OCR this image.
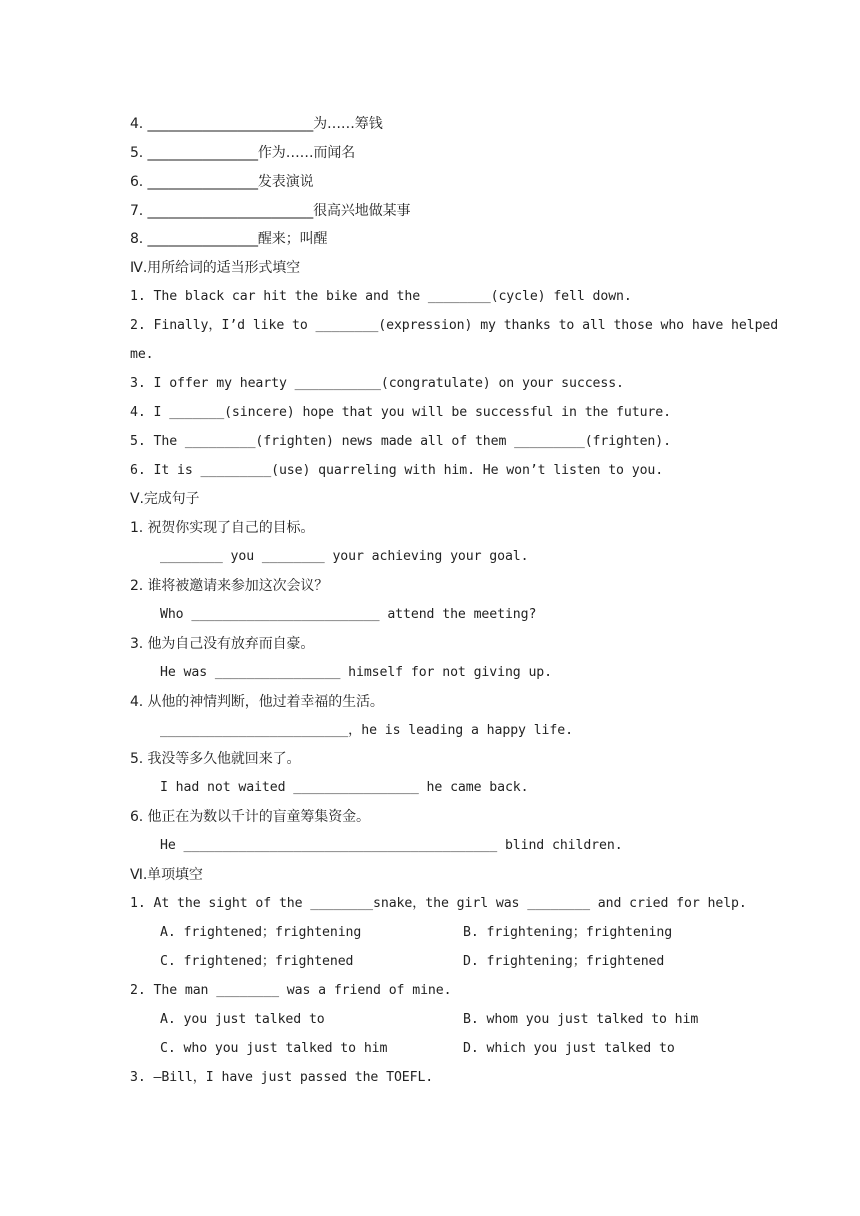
4. ________________________为……筹钱
5. ________________作为……而闻名
6. ________________发表演说
7. ________________________很高兴地做某事
8. ________________醒来；叫醒
Ⅳ.用所给词的适当形式填空
1. The black car hit the bike and the ________(cycle) fell down.
2. Finally，I’d like to ________(expression) my thanks to all those who have helped
me.
3. I offer my hearty ___________(congratulate) on your success.
4. I _______(sincere) hope that you will be successful in the future.
5. The _________(frighten) news made all of them _________(frighten).
6. It is _________(use) quarreling with him. He won’t listen to you.
Ⅴ.完成句子
1. 祝贺你实现了自己的目标。
________ you ________ your achieving your goal.
2. 谁将被邀请来参加这次会议？
Who ________________________ attend the meeting?
3. 他为自己没有放弃而自豪。
He was ________________ himself for not giving up.
4. 从他的神情判断，他过着幸福的生活。
________________________，he is leading a happy life.
5. 我没等多久他就回来了。
I had not waited ________________ he came back.
6. 他正在为数以千计的盲童筹集资金。
He ________________________________________ blind children.
Ⅵ.单项填空
1. At the sight of the ________snake，the girl was ________ and cried for help.
A. frightened；frightening	B. frightening；frightening
C. frightened；frightened	D. frightening；frightened
2. The man ________ was a friend of mine.
A. you just talked to	B. whom you just talked to him
C. who you just talked to him	D. which you just talked to
3. —Bill，I have just passed the TOEFL.
